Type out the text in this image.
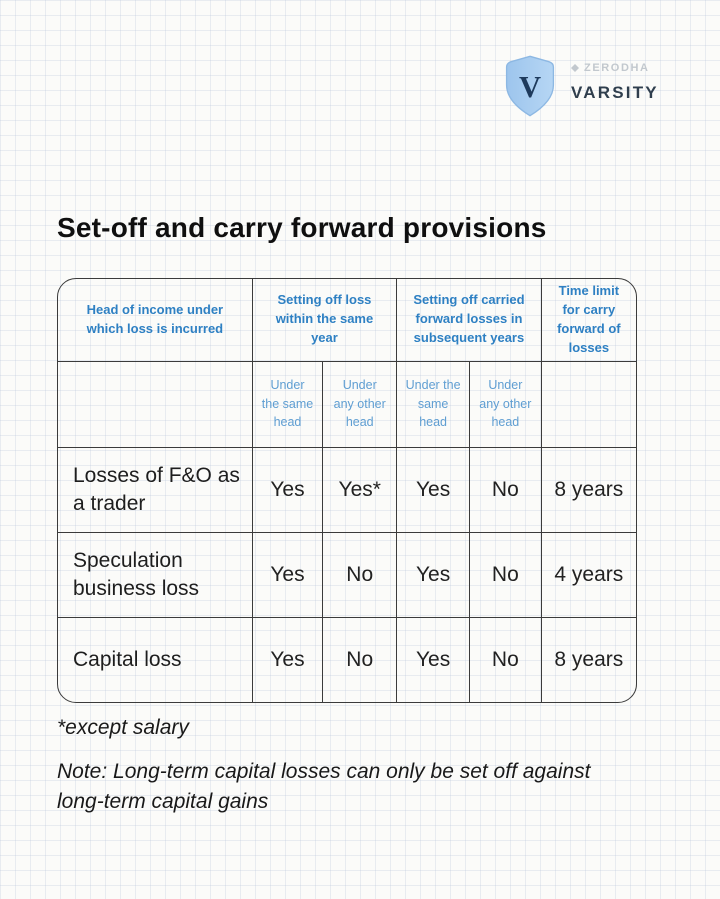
V
ZERODHA
VARSITY
Set-off and carry forward provisions
Head of income under which loss is incurred	Setting off loss within the same year		Setting off carried forward losses in subsequent years		Time limit for carry forward of losses
	Under the same head	Under any other head	Under the same head	Under any other head	
Losses of F&O as a trader	Yes	Yes*	Yes	No	8 years
Speculation business loss	Yes	No	Yes	No	4 years
Capital loss	Yes	No	Yes	No	8 years
*except salary
Note: Long-term capital losses can only be set off against long-term capital gains
